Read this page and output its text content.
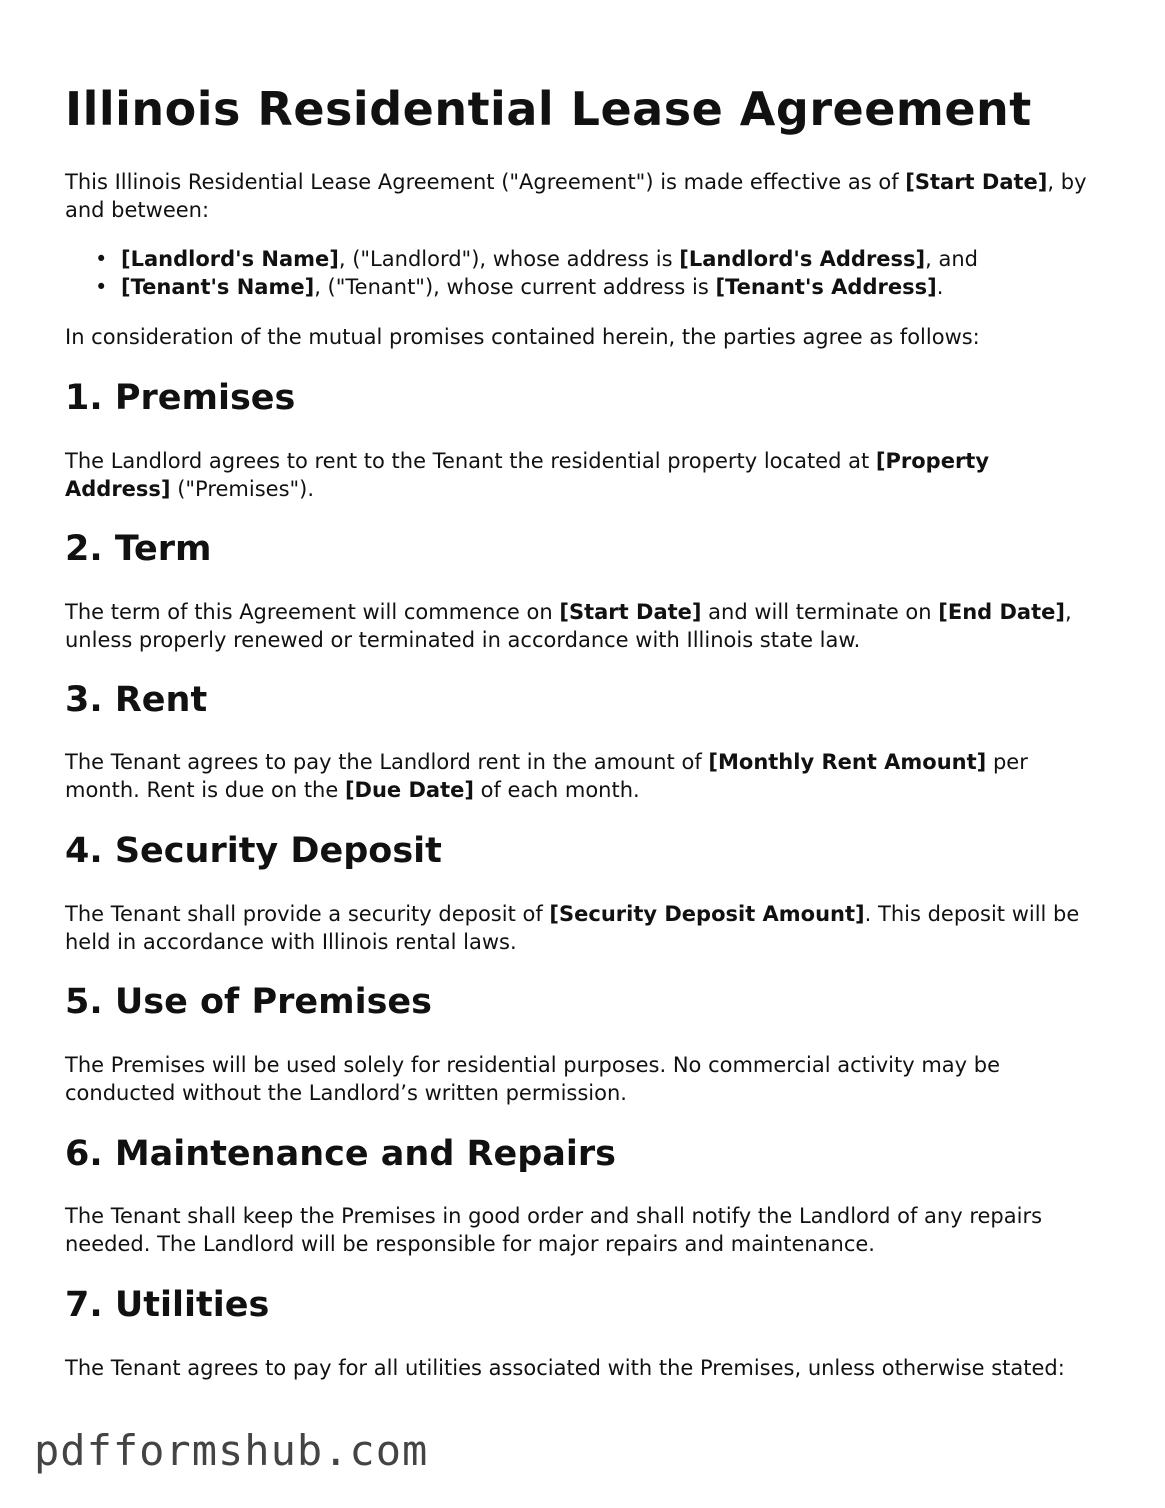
Illinois Residential Lease Agreement

This Illinois Residential Lease Agreement ("Agreement") is made effective as of [Start Date], by and between:

• [Landlord's Name], ("Landlord"), whose address is [Landlord's Address], and
• [Tenant's Name], ("Tenant"), whose current address is [Tenant's Address].

In consideration of the mutual promises contained herein, the parties agree as follows:

1. Premises

The Landlord agrees to rent to the Tenant the residential property located at [Property Address] ("Premises").

2. Term

The term of this Agreement will commence on [Start Date] and will terminate on [End Date], unless properly renewed or terminated in accordance with Illinois state law.

3. Rent

The Tenant agrees to pay the Landlord rent in the amount of [Monthly Rent Amount] per month. Rent is due on the [Due Date] of each month.

4. Security Deposit

The Tenant shall provide a security deposit of [Security Deposit Amount]. This deposit will be held in accordance with Illinois rental laws.

5. Use of Premises

The Premises will be used solely for residential purposes. No commercial activity may be conducted without the Landlord’s written permission.

6. Maintenance and Repairs

The Tenant shall keep the Premises in good order and shall notify the Landlord of any repairs needed. The Landlord will be responsible for major repairs and maintenance.

7. Utilities

The Tenant agrees to pay for all utilities associated with the Premises, unless otherwise stated:

pdfformshub.com
